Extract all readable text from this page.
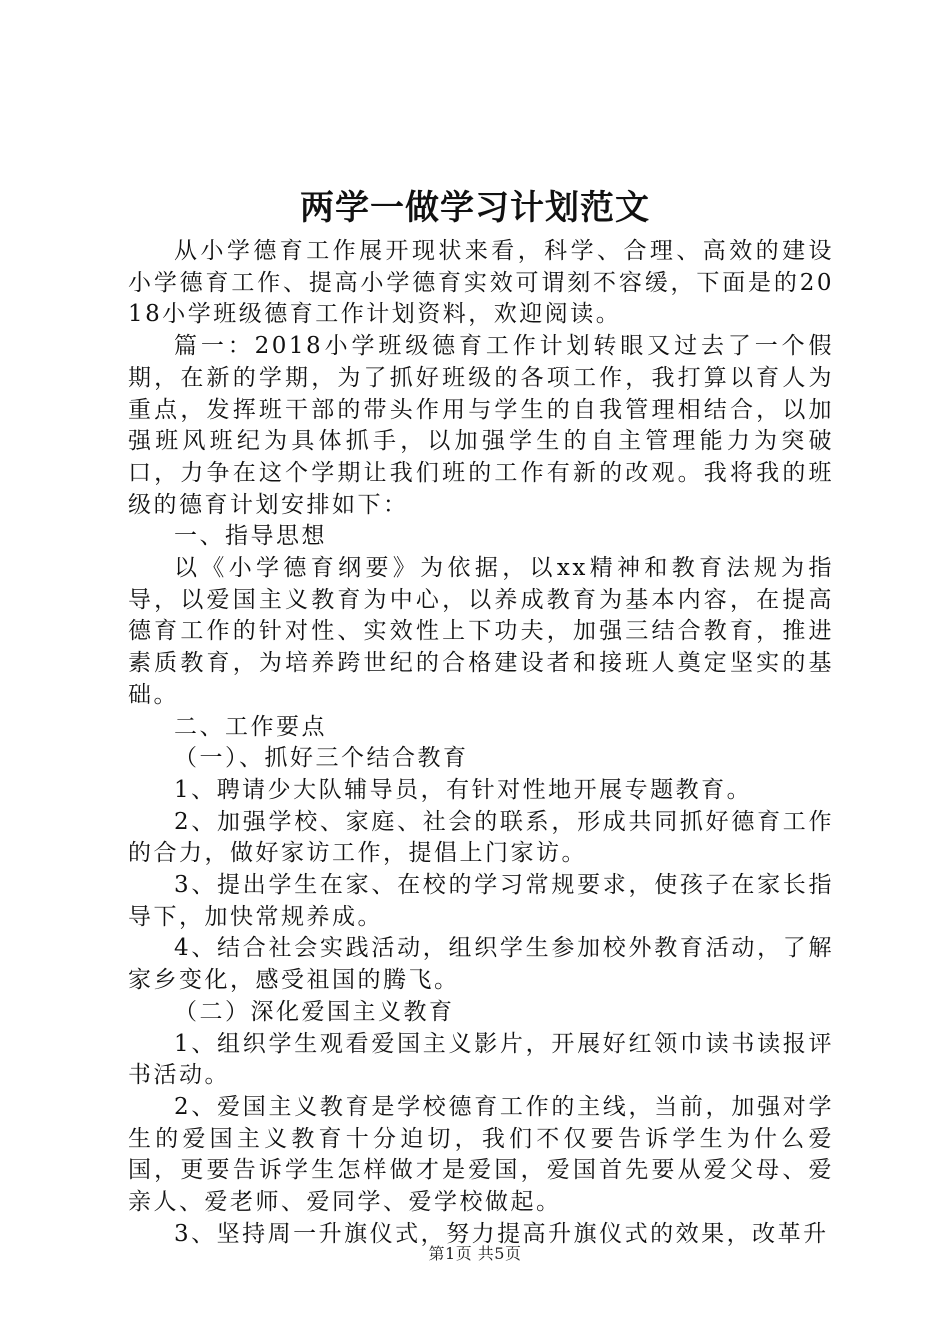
两学一做学习计划范文

从小学德育工作展开现状来看，科学、合理、高效的建设小学德育工作、提高小学德育实效可谓刻不容缓，下面是的2018小学班级德育工作计划资料，欢迎阅读。

篇一：2018小学班级德育工作计划转眼又过去了一个假期，在新的学期，为了抓好班级的各项工作，我打算以育人为重点，发挥班干部的带头作用与学生的自我管理相结合，以加强班风班纪为具体抓手，以加强学生的自主管理能力为突破口，力争在这个学期让我们班的工作有新的改观。我将我的班级的德育计划安排如下：

一、指导思想

以《小学德育纲要》为依据，以xx精神和教育法规为指导，以爱国主义教育为中心，以养成教育为基本内容，在提高德育工作的针对性、实效性上下功夫，加强三结合教育，推进素质教育，为培养跨世纪的合格建设者和接班人奠定坚实的基础。

二、工作要点

（一）、抓好三个结合教育

1、聘请少大队辅导员，有针对性地开展专题教育。

2、加强学校、家庭、社会的联系，形成共同抓好德育工作的合力，做好家访工作，提倡上门家访。

3、提出学生在家、在校的学习常规要求，使孩子在家长指导下，加快常规养成。

4、结合社会实践活动，组织学生参加校外教育活动，了解家乡变化，感受祖国的腾飞。

（二）深化爱国主义教育

1、组织学生观看爱国主义影片，开展好红领巾读书读报评书活动。

2、爱国主义教育是学校德育工作的主线，当前，加强对学生的爱国主义教育十分迫切，我们不仅要告诉学生为什么爱国，更要告诉学生怎样做才是爱国，爱国首先要从爱父母、爱亲人、爱老师、爱同学、爱学校做起。

3、坚持周一升旗仪式，努力提高升旗仪式的效果，改革升

第1页 共5页
